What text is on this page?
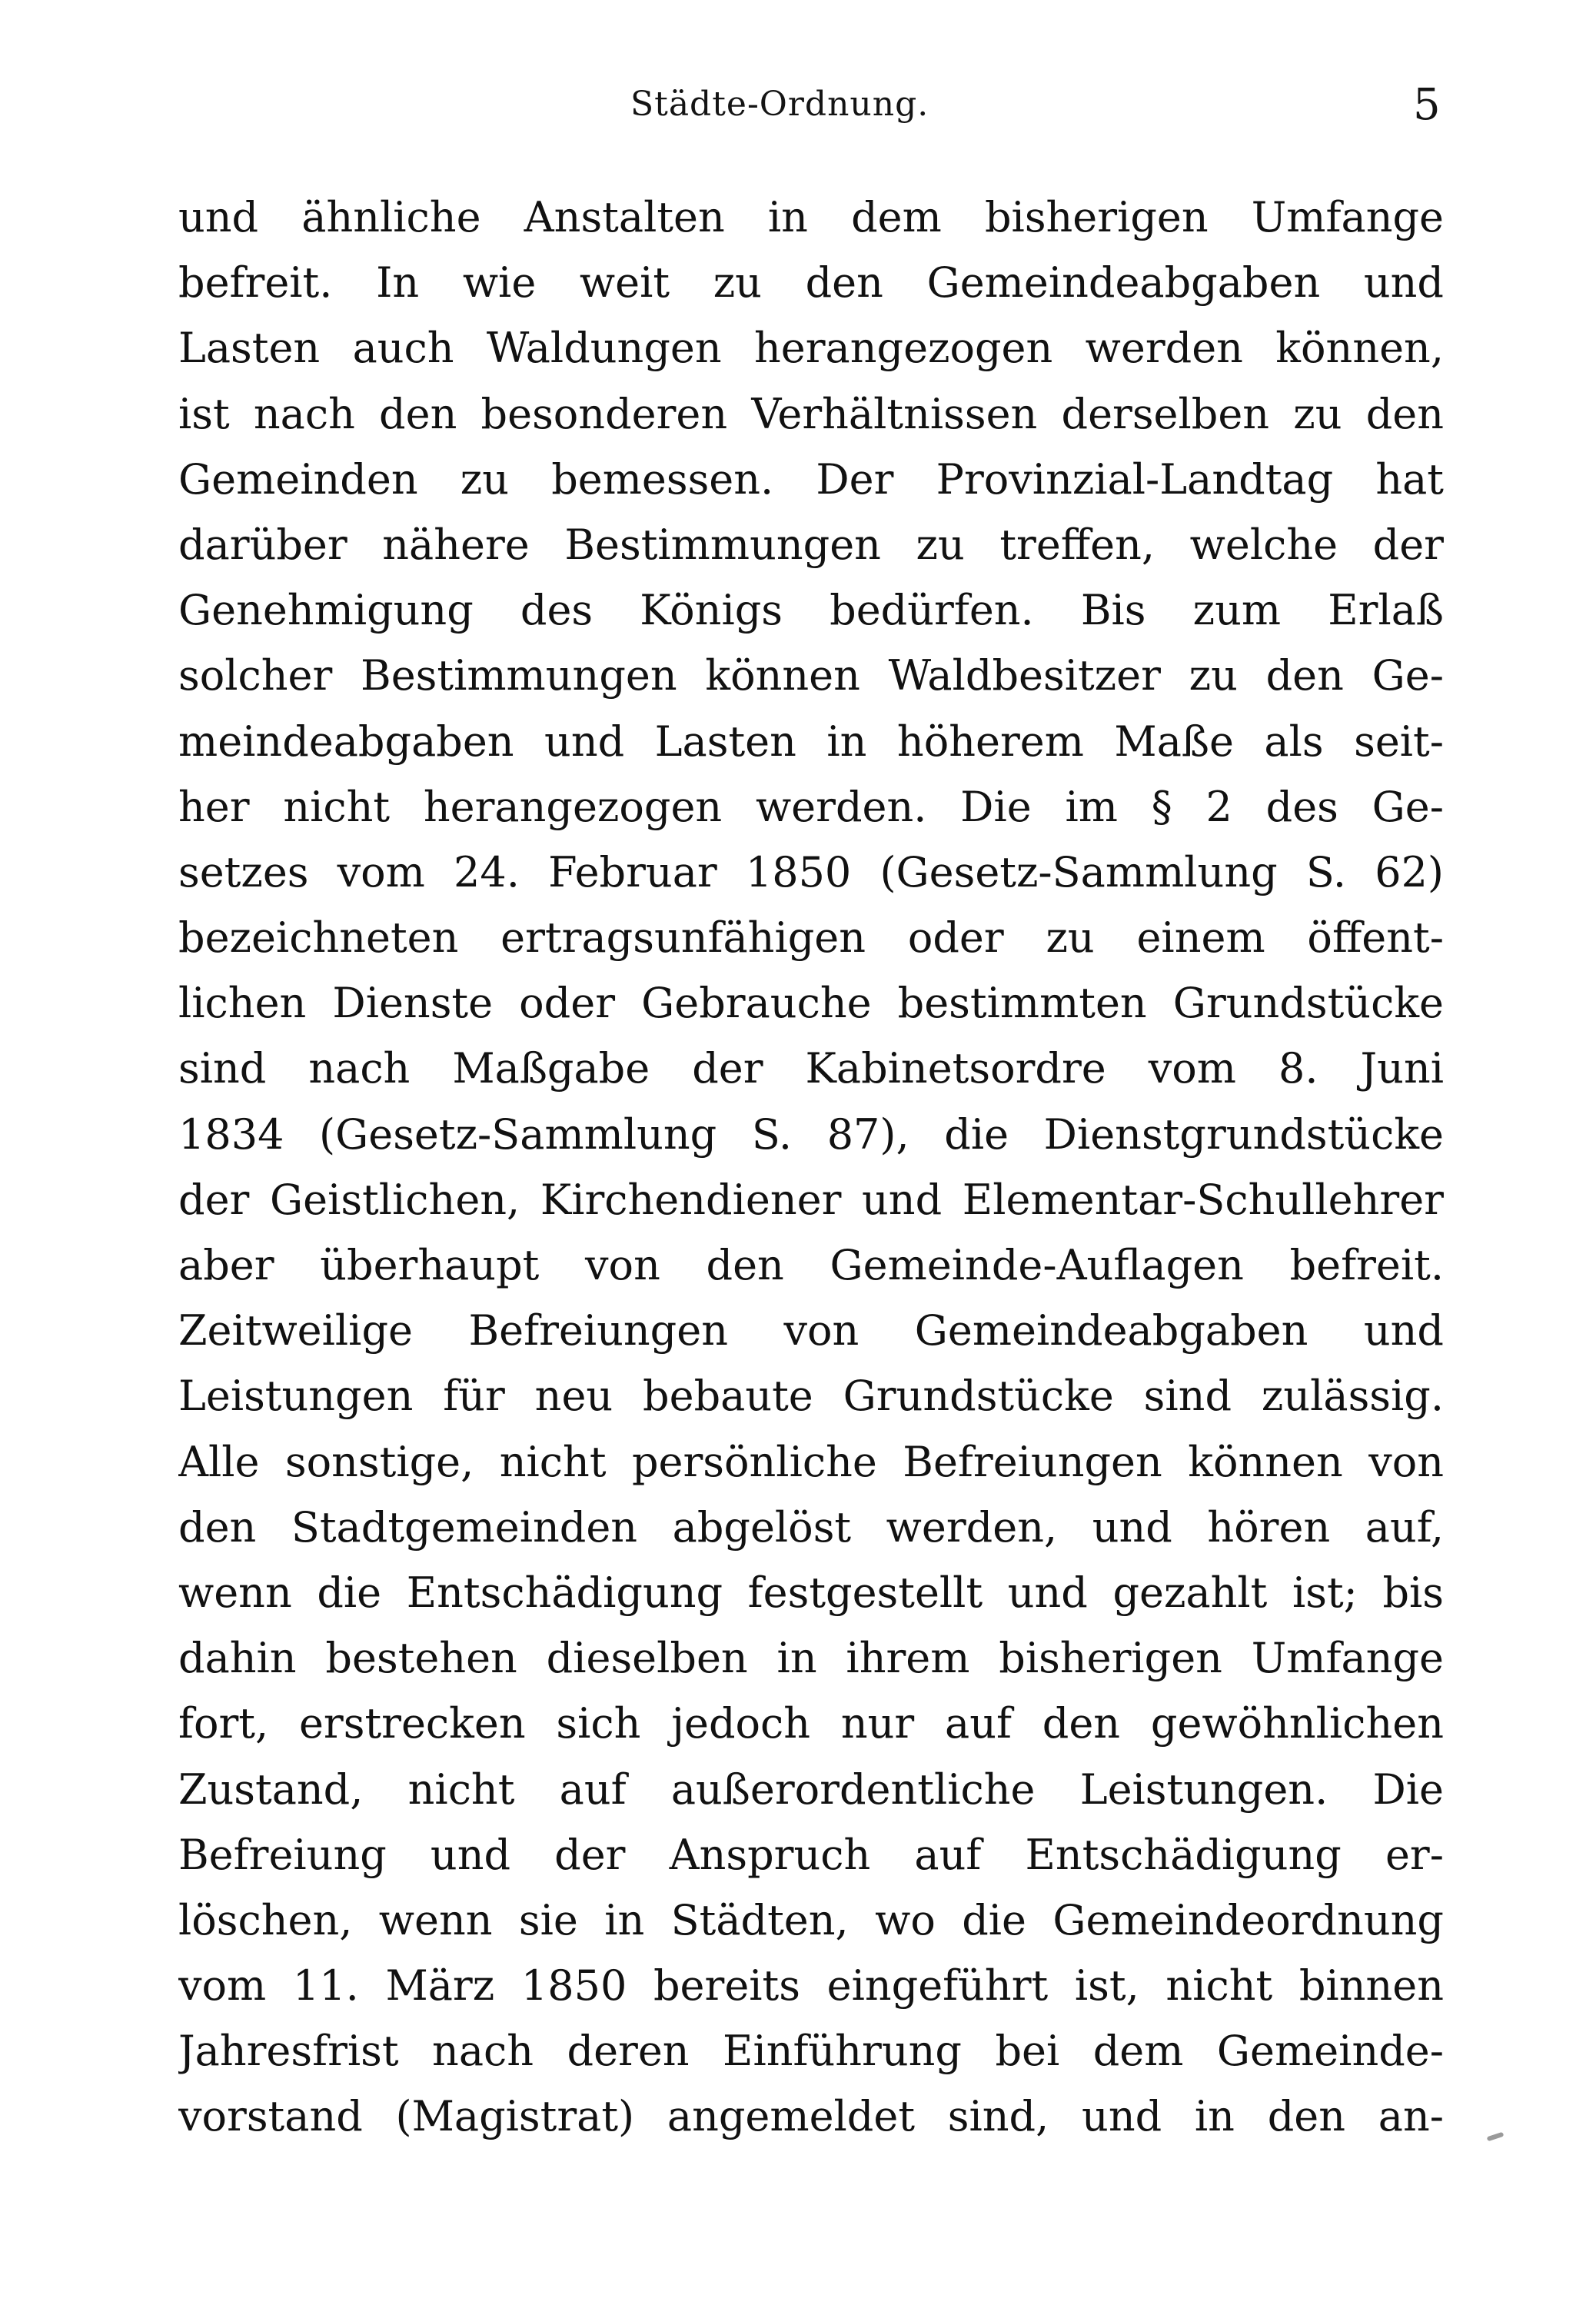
Städte-Ordnung.	5
und ähnliche Anstalten in dem bisherigen Umfange
befreit. In wie weit zu den Gemeindeabgaben und
Lasten auch Waldungen herangezogen werden können,
ist nach den besonderen Verhältnissen derselben zu den
Gemeinden zu bemessen. Der Provinzial-Landtag hat
darüber nähere Bestimmungen zu treffen, welche der
Genehmigung des Königs bedürfen. Bis zum Erlaß
solcher Bestimmungen können Waldbesitzer zu den Ge-
meindeabgaben und Lasten in höherem Maße als seit-
her nicht herangezogen werden. Die im § 2 des Ge-
setzes vom 24. Februar 1850 (Gesetz-Sammlung S. 62)
bezeichneten ertragsunfähigen oder zu einem öffent-
lichen Dienste oder Gebrauche bestimmten Grundstücke
sind nach Maßgabe der Kabinetsordre vom 8. Juni
1834 (Gesetz-Sammlung S. 87), die Dienstgrundstücke
der Geistlichen, Kirchendiener und Elementar-Schullehrer
aber überhaupt von den Gemeinde-Auflagen befreit.
Zeitweilige Befreiungen von Gemeindeabgaben und
Leistungen für neu bebaute Grundstücke sind zulässig.
Alle sonstige, nicht persönliche Befreiungen können von
den Stadtgemeinden abgelöst werden, und hören auf,
wenn die Entschädigung festgestellt und gezahlt ist; bis
dahin bestehen dieselben in ihrem bisherigen Umfange
fort, erstrecken sich jedoch nur auf den gewöhnlichen
Zustand, nicht auf außerordentliche Leistungen. Die
Befreiung und der Anspruch auf Entschädigung er-
löschen, wenn sie in Städten, wo die Gemeindeordnung
vom 11. März 1850 bereits eingeführt ist, nicht binnen
Jahresfrist nach deren Einführung bei dem Gemeinde-
vorstand (Magistrat) angemeldet sind, und in den an-
